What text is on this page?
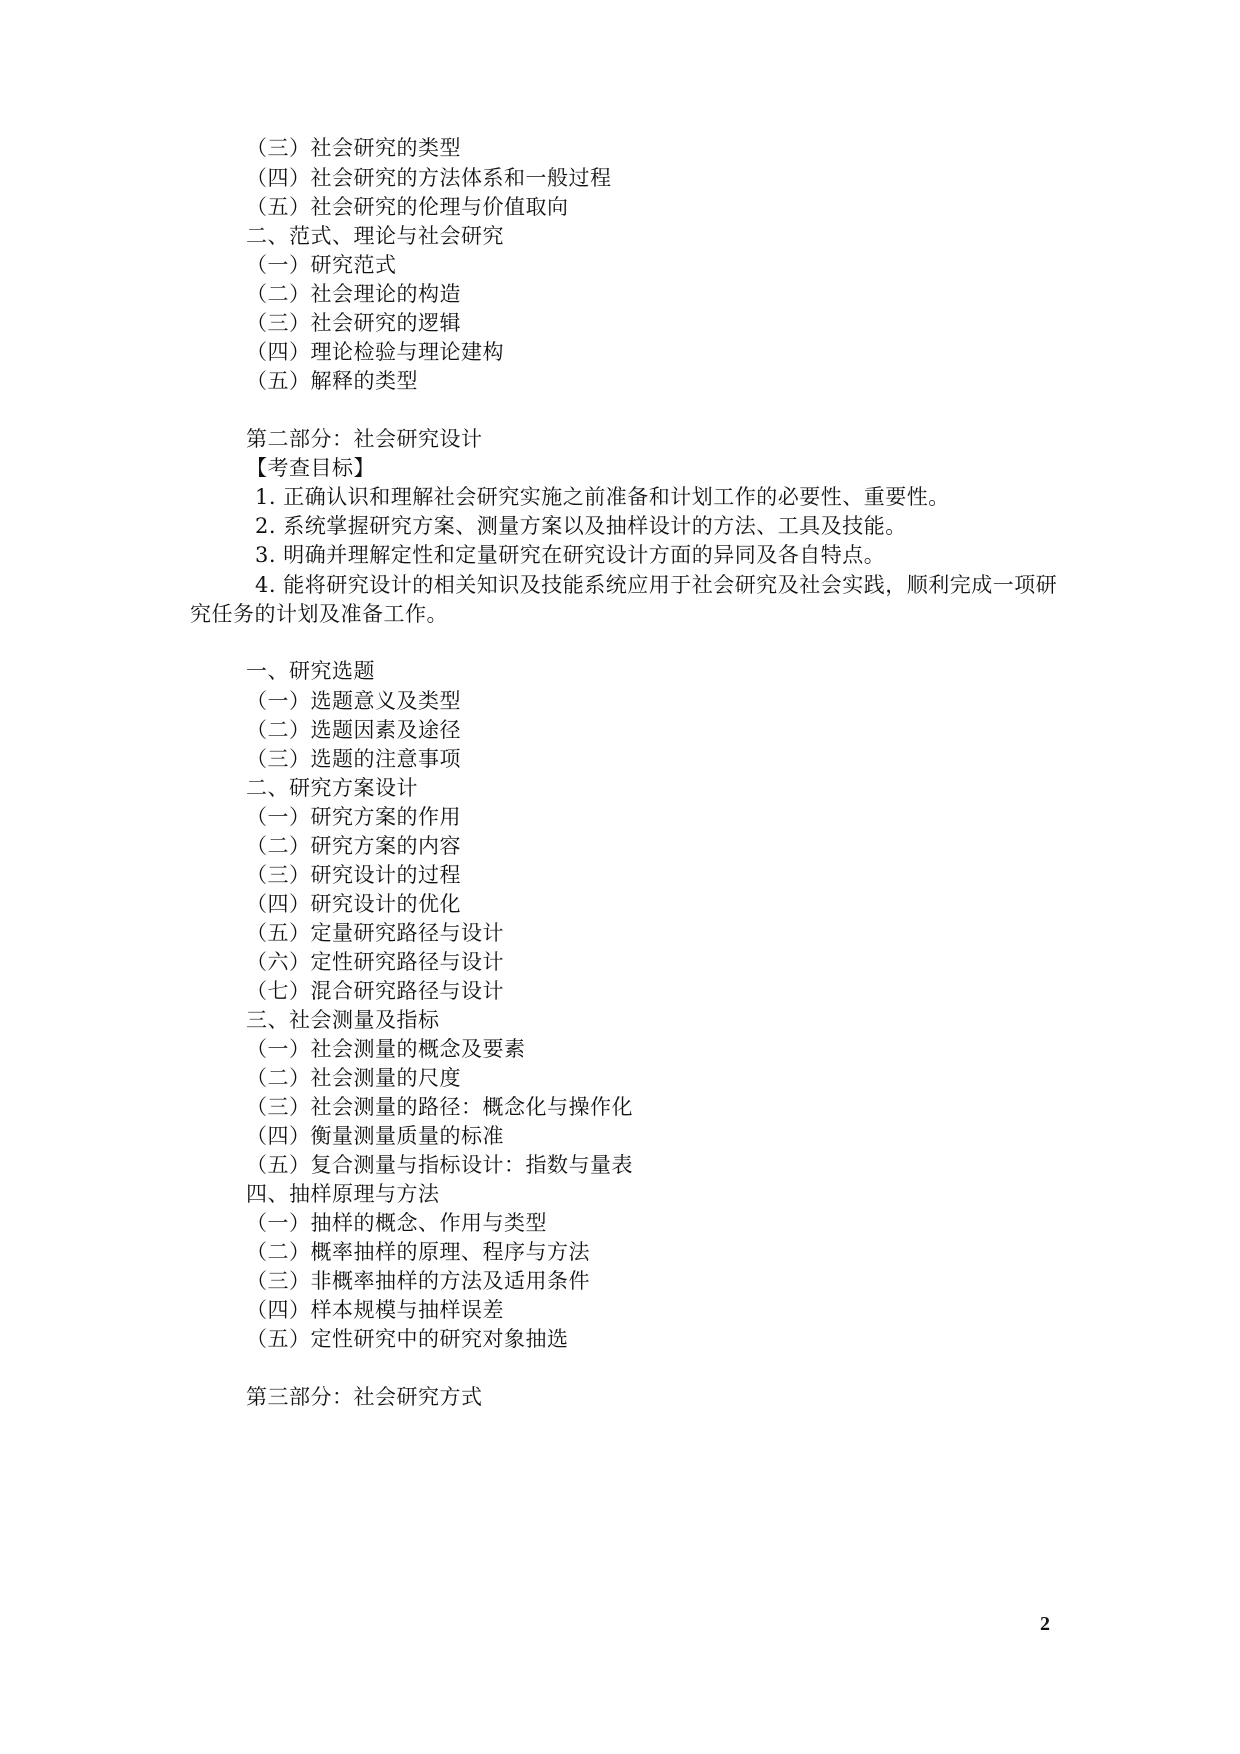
（三）社会研究的类型
（四）社会研究的方法体系和一般过程
（五）社会研究的伦理与价值取向
二、范式、理论与社会研究
（一）研究范式
（二）社会理论的构造
（三）社会研究的逻辑
（四）理论检验与理论建构
（五）解释的类型
第二部分：社会研究设计
【考查目标】
1. 正确认识和理解社会研究实施之前准备和计划工作的必要性、重要性。
2. 系统掌握研究方案、测量方案以及抽样设计的方法、工具及技能。
3. 明确并理解定性和定量研究在研究设计方面的异同及各自特点。
4. 能将研究设计的相关知识及技能系统应用于社会研究及社会实践，顺利完成一项研
究任务的计划及准备工作。
一、研究选题
（一）选题意义及类型
（二）选题因素及途径
（三）选题的注意事项
二、研究方案设计
（一）研究方案的作用
（二）研究方案的内容
（三）研究设计的过程
（四）研究设计的优化
（五）定量研究路径与设计
（六）定性研究路径与设计
（七）混合研究路径与设计
三、社会测量及指标
（一）社会测量的概念及要素
（二）社会测量的尺度
（三）社会测量的路径：概念化与操作化
（四）衡量测量质量的标准
（五）复合测量与指标设计：指数与量表
四、抽样原理与方法
（一）抽样的概念、作用与类型
（二）概率抽样的原理、程序与方法
（三）非概率抽样的方法及适用条件
（四）样本规模与抽样误差
（五）定性研究中的研究对象抽选
第三部分：社会研究方式
2
